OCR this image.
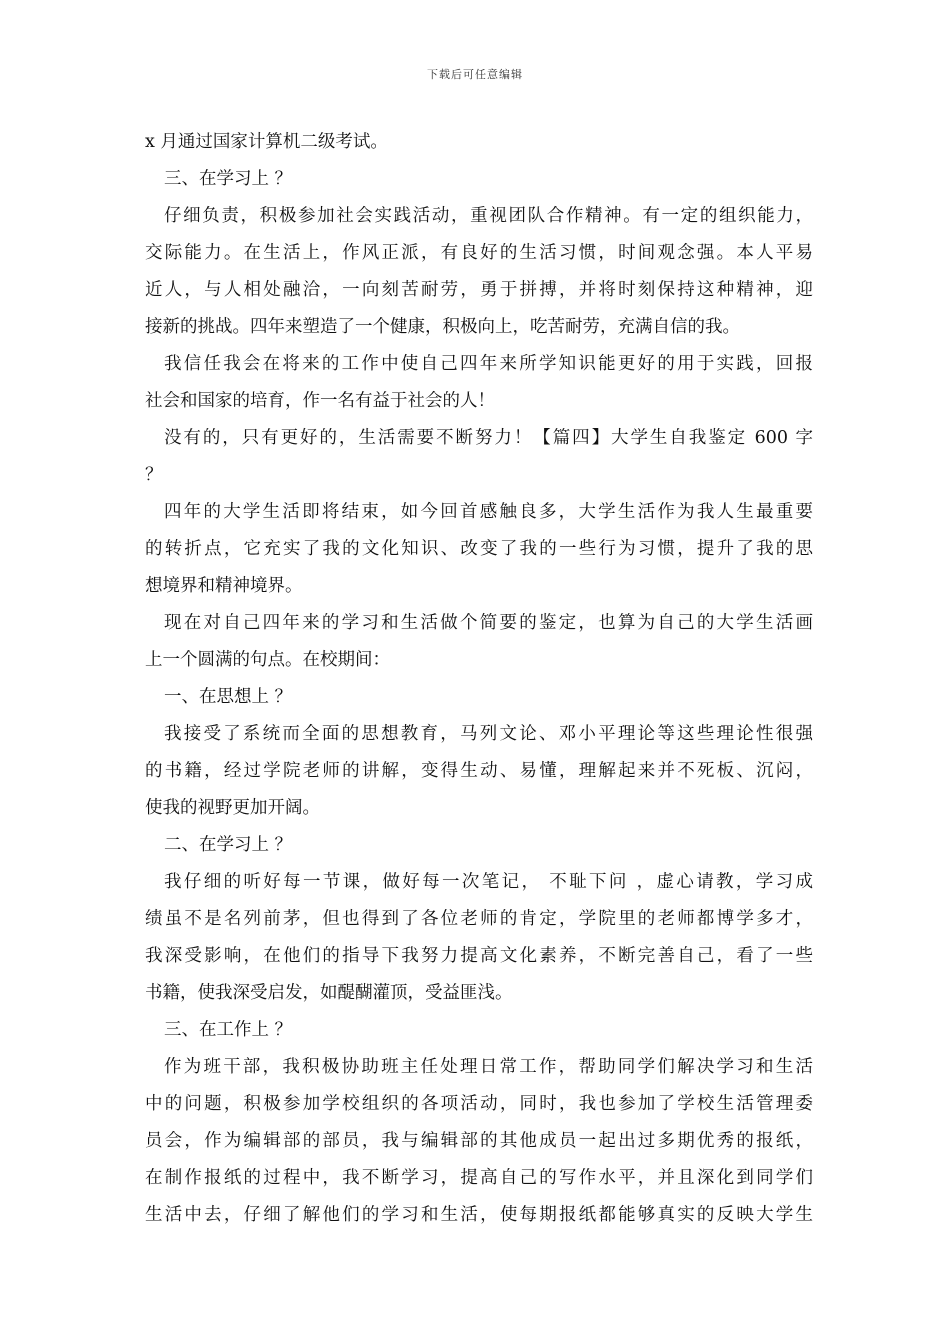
下载后可任意编辑
x 月通过国家计算机二级考试。
三、在学习上 ？
仔细负责，积极参加社会实践活动，重视团队合作精神。有一定的组织能力，
交际能力。在生活上，作风正派，有良好的生活习惯，时间观念强。本人平易
近人，与人相处融洽，一向刻苦耐劳，勇于拼搏，并将时刻保持这种精神，迎
接新的挑战。四年来塑造了一个健康，积极向上，吃苦耐劳，充满自信的我。
我信任我会在将来的工作中使自己四年来所学知识能更好的用于实践，回报
社会和国家的培育，作一名有益于社会的人！
没有的，只有更好的，生活需要不断努力！【篇四】大学生自我鉴定 600 字
？
四年的大学生活即将结束，如今回首感触良多，大学生活作为我人生最重要
的转折点，它充实了我的文化知识、改变了我的一些行为习惯，提升了我的思
想境界和精神境界。
现在对自己四年来的学习和生活做个简要的鉴定，也算为自己的大学生活画
上一个圆满的句点。在校期间：
一、在思想上 ？
我接受了系统而全面的思想教育，马列文论、邓小平理论等这些理论性很强
的书籍，经过学院老师的讲解，变得生动、易懂，理解起来并不死板、沉闷，
使我的视野更加开阔。
二、在学习上 ？
我仔细的听好每一节课，做好每一次笔记， 不耻下问 ，虚心请教，学习成
绩虽不是名列前茅，但也得到了各位老师的肯定，学院里的老师都博学多才，
我深受影响，在他们的指导下我努力提高文化素养，不断完善自己，看了一些
书籍，使我深受启发，如醍醐灌顶，受益匪浅。
三、在工作上 ？
作为班干部，我积极协助班主任处理日常工作，帮助同学们解决学习和生活
中的问题，积极参加学校组织的各项活动，同时，我也参加了学校生活管理委
员会，作为编辑部的部员，我与编辑部的其他成员一起出过多期优秀的报纸，
在制作报纸的过程中，我不断学习，提高自己的写作水平，并且深化到同学们
生活中去，仔细了解他们的学习和生活，使每期报纸都能够真实的反映大学生
